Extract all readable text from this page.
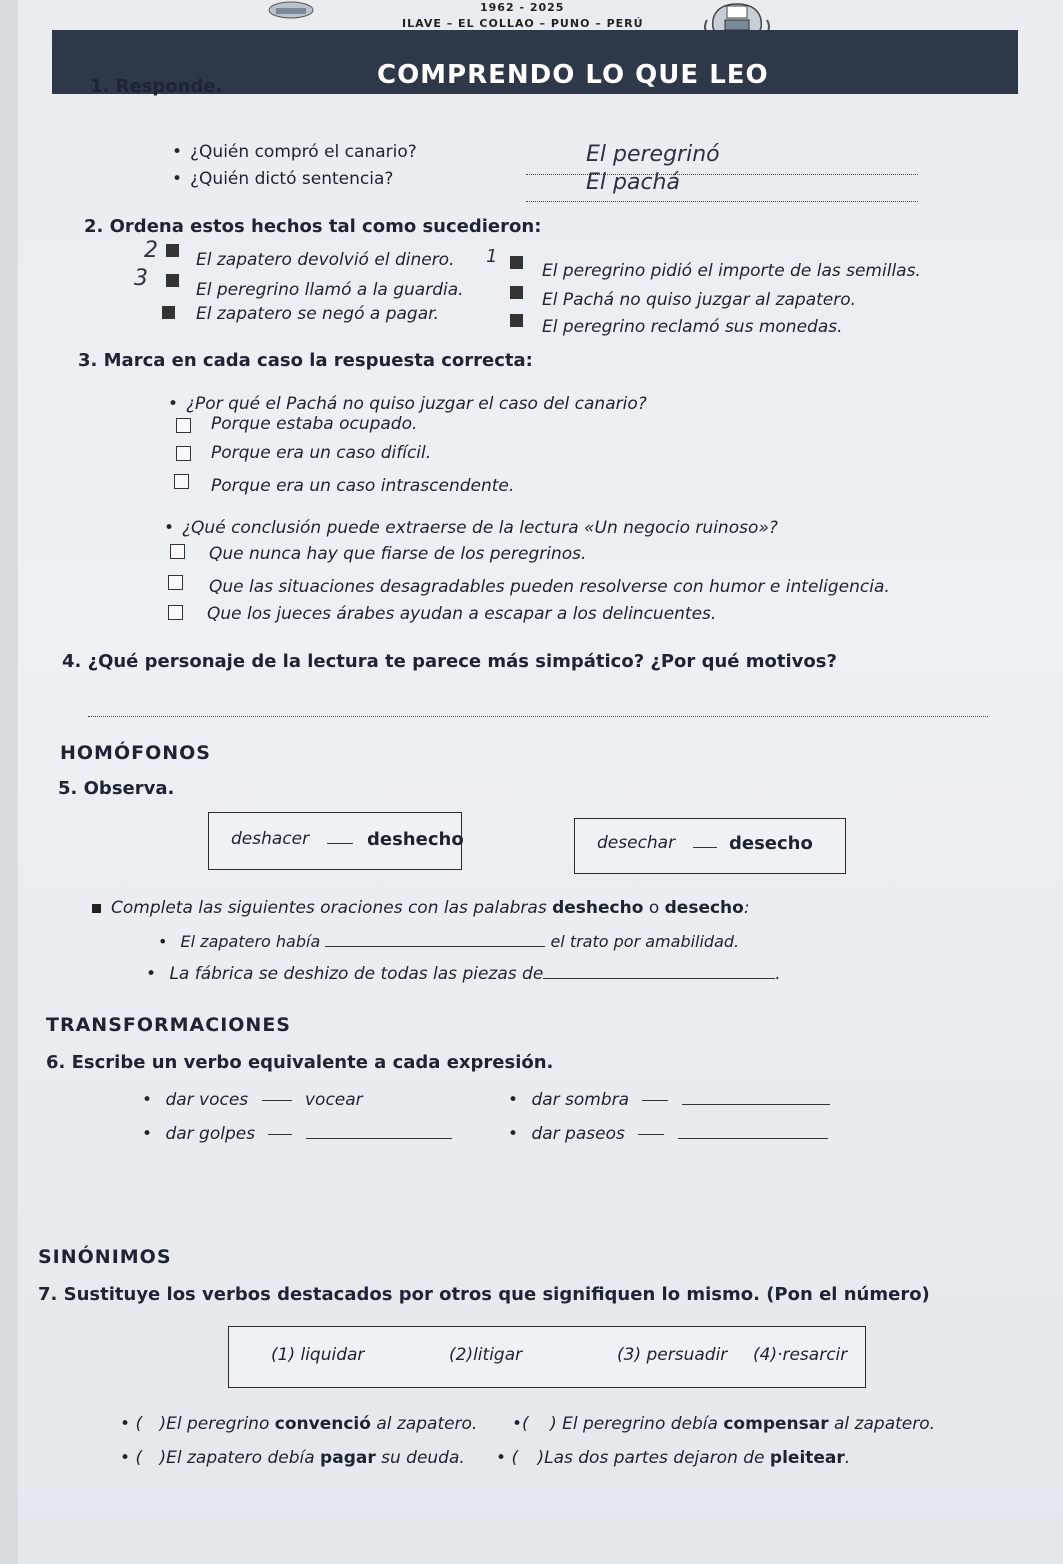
1962 - 2025
ILAVE – EL COLLAO – PUNO – PERÚ
COMPRENDO LO QUE LEO
1. Responde.
• ¿Quién compró el canario?
• ¿Quién dictó sentencia?
El peregrinó
El pachá
2. Ordena estos hechos tal como sucedieron:
2 El zapatero devolvió el dinero.
3	El peregrino llamó a la guardia.
El zapatero se negó a pagar.
1
El peregrino pidió el importe de las semillas.
El Pachá no quiso juzgar al zapatero.
El peregrino reclamó sus monedas.
3. Marca en cada caso la respuesta correcta:
• ¿Por qué el Pachá no quiso juzgar el caso del canario?
Porque estaba ocupado.
Porque era un caso difícil.
Porque era un caso intrascendente.
• ¿Qué conclusión puede extraerse de la lectura «Un negocio ruinoso»?
Que nunca hay que fiarse de los peregrinos.
Que las situaciones desagradables pueden resolverse con humor e inteligencia.
Que los jueces árabes ayudan a escapar a los delincuentes.
4. ¿Qué personaje de la lectura te parece más simpático? ¿Por qué motivos?
HOMÓFONOS
5. Observa.
deshacer	deshecho	desechar	desecho
Completa las siguientes oraciones con las palabras deshecho o desecho:
• El zapatero había	el trato por amabilidad.
• La fábrica se deshizo de todas las piezas de	.
TRANSFORMACIONES
6. Escribe un verbo equivalente a cada expresión.
• dar voces	vocear	• dar sombra
• dar golpes	• dar paseos
SINÓNIMOS
7. Sustituye los verbos destacados por otros que signifiquen lo mismo. (Pon el número)
(1) liquidar	(2)litigar	(3) persuadir (4)·resarcir
• ( )El peregrino convenció al zapatero. •( ) El peregrino debía compensar al zapatero.
• ( )El zapatero debía pagar su deuda. • ( )Las dos partes dejaron de pleitear.
